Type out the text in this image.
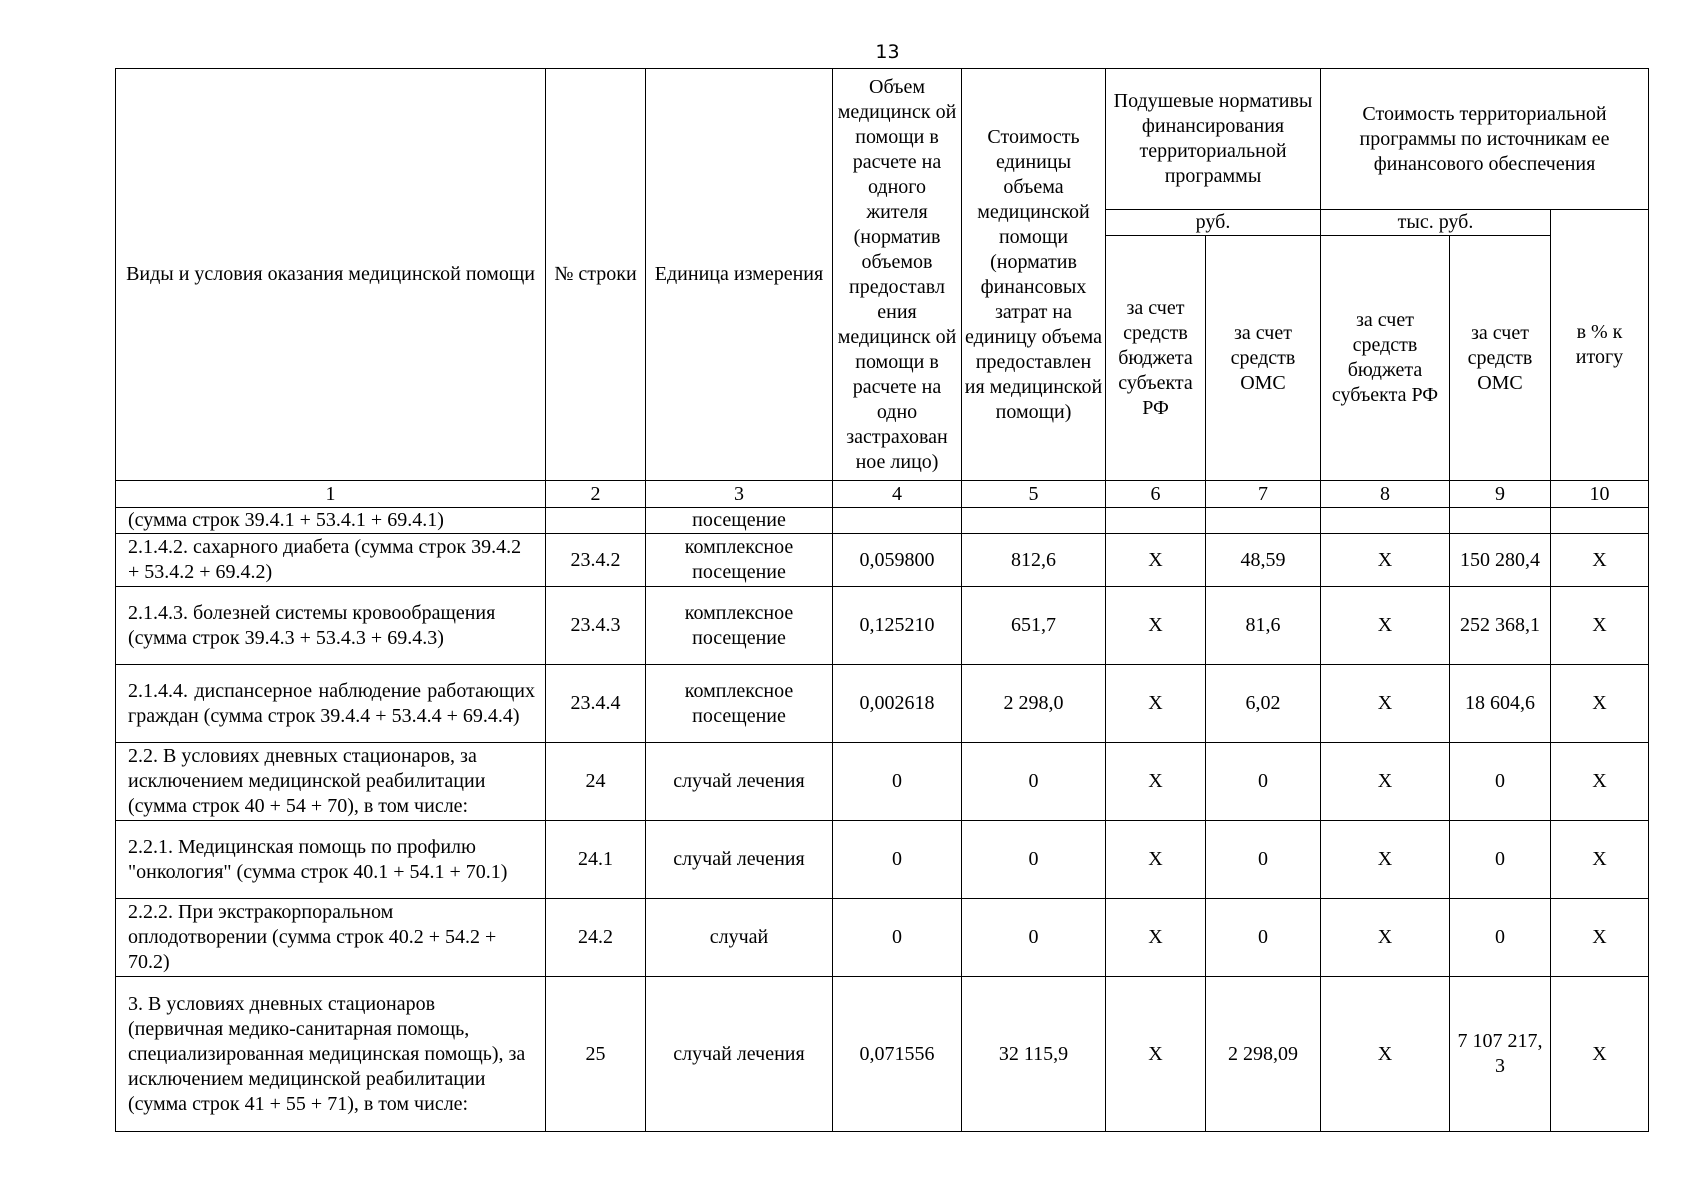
13
Виды и условия оказания медицинской помощи	№ строки	Единица измерения	Объем медицинск ой помощи в расчете на одного жителя (норматив объемов предоставл ения медицинск ой помощи в расчете на одно застрахован ное лицо)	Стоимость единицы объема медицинской помощи (норматив финансовых затрат на единицу объема предоставлен ия медицинской помощи)	Подушевые нормативы финансирования территориальной программы		Стоимость территориальной программы по источникам ее финансового обеспечения		
					руб.		тыс. руб.		в % к итогу
					за счет средств бюджета субъекта РФ	за счет средств ОМС	за счет средств бюджета субъекта РФ	за счет средств ОМС	
1	2	3	4	5	6	7	8	9	10
(сумма строк 39.4.1 + 53.4.1 + 69.4.1)		посещение							
2.1.4.2. сахарного диабета (сумма строк 39.4.2 + 53.4.2 + 69.4.2)	23.4.2	комплексное посещение	0,059800	812,6	X	48,59	X	150 280,4	X
2.1.4.3. болезней системы кровообращения (сумма строк 39.4.3 + 53.4.3 + 69.4.3)	23.4.3	комплексное посещение	0,125210	651,7	X	81,6	X	252 368,1	X
2.1.4.4. диспансерное наблюдение работающих граждан (сумма строк 39.4.4 + 53.4.4 + 69.4.4)	23.4.4	комплексное посещение	0,002618	2 298,0	X	6,02	X	18 604,6	X
2.2. В условиях дневных стационаров, за исключением медицинской реабилитации (сумма строк 40 + 54 + 70), в том числе:	24	случай лечения	0	0	X	0	X	0	X
2.2.1. Медицинская помощь по профилю "онкология" (сумма строк 40.1 + 54.1 + 70.1)	24.1	случай лечения	0	0	X	0	X	0	X
2.2.2. При экстракорпоральном оплодотворении (сумма строк 40.2 + 54.2 + 70.2)	24.2	случай	0	0	X	0	X	0	X
3. В условиях дневных стационаров (первичная медико-санитарная помощь, специализированная медицинская помощь), за исключением медицинской реабилитации (сумма строк 41 + 55 + 71), в том числе:	25	случай лечения	0,071556	32 115,9	X	2 298,09	X	7 107 217, 3	X
